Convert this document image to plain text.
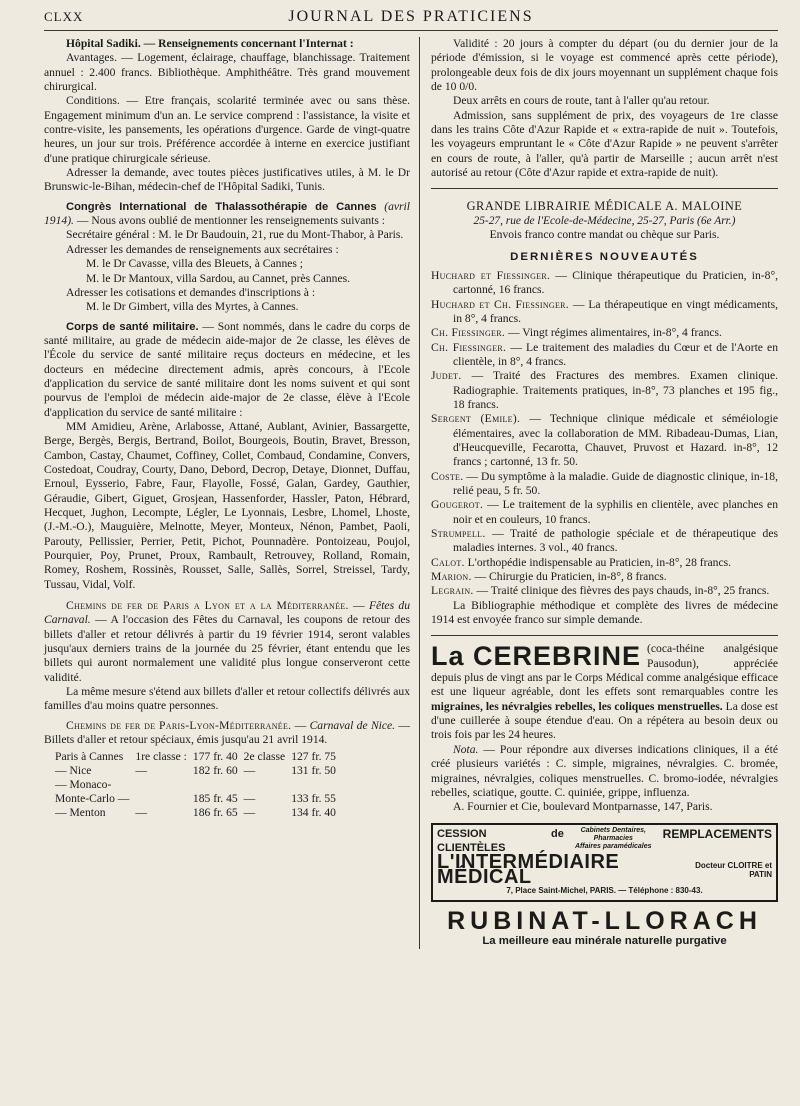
CLXX	JOURNAL DES PRATICIENS

Hôpital Sadiki. — Renseignements concernant l'Internat :

Avantages. — Logement, éclairage, chauffage, blanchissage. Traitement annuel : 2.400 francs. Bibliothèque. Amphithéâtre. Très grand mouvement chirurgical.

Conditions. — Etre français, scolarité terminée avec ou sans thèse. Engagement minimum d'un an. Le service comprend : l'assistance, la visite et contre-visite, les pansements, les opérations d'urgence. Garde de vingt-quatre heures, un jour sur trois. Préférence accordée à interne en exercice justifiant d'une pratique chirurgicale sérieuse.

Adresser la demande, avec toutes pièces justificatives utiles, à M. le Dr Brunswic-le-Bihan, médecin-chef de l'Hôpital Sadiki, Tunis.

Congrès International de Thalassothérapie de Cannes (avril 1914). — Nous avons oublié de mentionner les renseignements suivants :

Secrétaire général : M. le Dr Baudouin, 21, rue du Mont-Thabor, à Paris.

Adresser les demandes de renseignements aux secrétaires :

M. le Dr Cavasse, villa des Bleuets, à Cannes ;

M. le Dr Mantoux, villa Sardou, au Cannet, près Cannes.

Adresser les cotisations et demandes d'inscriptions à :

M. le Dr Gimbert, villa des Myrtes, à Cannes.

Corps de santé militaire. — Sont nommés, dans le cadre du corps de santé militaire, au grade de médecin aide-major de 2e classe, les élèves de l'École du service de santé militaire reçus docteurs en médecine, et les docteurs en médecine directement admis, après concours, à l'Ecole d'application du service de santé militaire dont les noms suivent et qui sont pourvus de l'emploi de médecin aide-major de 2e classe, élève à l'Ecole d'application du service de santé militaire :

MM Amidieu, Arène, Arlabosse, Attané, Aublant, Avinier, Bassargette, Berge, Bergès, Bergis, Bertrand, Boilot, Bourgeois, Boutin, Bravet, Bresson, Cambon, Castay, Chaumet, Coffiney, Collet, Combaud, Condamine, Convers, Costedoat, Coudray, Courty, Dano, Debord, Decrop, Detaye, Dionnet, Duffau, Ernoul, Eysserio, Fabre, Faur, Flayolle, Fossé, Galan, Gardey, Gauthier, Géraudie, Gibert, Giguet, Grosjean, Hassenforder, Hassler, Paton, Hébrard, Hecquet, Jughon, Lecompte, Légler, Le Lyonnais, Lesbre, Lhomel, Lhoste, (J.-M.-O.), Mauguière, Melnotte, Meyer, Monteux, Nénon, Pambet, Paoli, Parouty, Pellissier, Perrier, Petit, Pichot, Pounnadère. Pontoizeau, Poujol, Pourquier, Poy, Prunet, Proux, Rambault, Retrouvey, Rolland, Romain, Romey, Roshem, Rossinès, Rousset, Salle, Sallès, Sorrel, Streissel, Tardy, Tussau, Vidal, Volf.

Chemins de fer de Paris a Lyon et a la Méditerranée. — Fêtes du Carnaval. — A l'occasion des Fêtes du Carnaval, les coupons de retour des billets d'aller et retour délivrés à partir du 19 février 1914, seront valables jusqu'aux derniers trains de la journée du 25 février, étant entendu que les billets qui auront normalement une validité plus longue conserveront cette validité.

La même mesure s'étend aux billets d'aller et retour collectifs délivrés aux familles d'au moins quatre personnes.

Chemins de fer de Paris-Lyon-Méditerranée. — Carnaval de Nice. — Billets d'aller et retour spéciaux, émis jusqu'au 21 avril 1914.

Paris à Cannes	1re classe :	177 fr. 40	2e classe	127 fr. 75
— Nice	—	182 fr. 60	—	131 fr. 50
— Monaco-				
Monte-Carlo —		185 fr. 45	—	133 fr. 55
— Menton	—	186 fr. 65	—	134 fr. 40

Validité : 20 jours à compter du départ (ou du dernier jour de la période d'émission, si le voyage est commencé après cette période), prolongeable deux fois de dix jours moyennant un supplément chaque fois de 10 0/0.

Deux arrêts en cours de route, tant à l'aller qu'au retour.

Admission, sans supplément de prix, des voyageurs de 1re classe dans les trains Côte d'Azur Rapide et « extra-rapide de nuit ». Toutefois, les voyageurs empruntant le « Côte d'Azur Rapide » ne peuvent s'arrêter en cours de route, à l'aller, qu'à partir de Marseille ; aucun arrêt n'est autorisé au retour (Côte d'Azur rapide et extra-rapide de nuit).

GRANDE LIBRAIRIE MÉDICALE A. MALOINE

25-27, rue de l'Ecole-de-Médecine, 25-27, Paris (6e Arr.)

Envois franco contre mandat ou chèque sur Paris.

DERNIÈRES NOUVEAUTÉS

Huchard et Fiessinger. — Clinique thérapeutique du Praticien, in-8°, cartonné, 16 francs.

Huchard et Ch. Fiessinger. — La thérapeutique en vingt médicaments, in 8°, 4 francs.

Ch. Fiessinger. — Vingt régimes alimentaires, in-8°, 4 francs.

Ch. Fiessinger. — Le traitement des maladies du Cœur et de l'Aorte en clientèle, in 8°, 4 francs.

Judet. — Traité des Fractures des membres. Examen clinique. Radiographie. Traitements pratiques, in-8°, 73 planches et 195 fig., 18 francs.

Sergent (Emile). — Technique clinique médicale et séméiologie élémentaires, avec la collaboration de MM. Ribadeau-Dumas, Lian, d'Heucqueville, Fecarotta, Chauvet, Pruvost et Hazard. in-8°, 12 francs ; cartonné, 13 fr. 50.

Coste. — Du symptôme à la maladie. Guide de diagnostic clinique, in-18, relié peau, 5 fr. 50.

Gougerot. — Le traitement de la syphilis en clientèle, avec planches en noir et en couleurs, 10 francs.

Strumpell. — Traité de pathologie spéciale et de thérapeutique des maladies internes. 3 vol., 40 francs.

Calot. L'orthopédie indispensable au Praticien, in-8°, 28 francs.

Marion. — Chirurgie du Praticien, in-8°, 8 francs.

Legrain. — Traité clinique des fièvres des pays chauds, in-8°, 25 francs.

La Bibliographie méthodique et complète des livres de médecine 1914 est envoyée franco sur simple demande.

La CEREBRINE (coca-théine analgésique Pausodun), appréciée depuis plus de vingt ans par le Corps Médical comme analgésique efficace est une liqueur agréable, dont les effets sont remarquables contre les migraines, les névralgies rebelles, les coliques menstruelles. La dose est d'une cuillerée à soupe étendue d'eau. On a répétera au besoin deux ou trois fois par les 24 heures.

Nota. — Pour répondre aux diverses indications cliniques, il a été créé plusieurs variétés : C. simple, migraines, névralgies. C. bromée, migraines, névralgies, coliques menstruelles. C. bromo-iodée, névralgies rebelles, sciatique, goutte. C. quiniée, grippe, influenza.

A. Fournier et Cie, boulevard Montparnasse, 147, Paris.

CESSION de CLIENTÈLES
Cabinets Dentaires, Pharmacies
Affaires paramédicales
REMPLACEMENTS
L'INTERMÉDIAIRE MÉDICAL
Docteur CLOITRE et PATIN
7, Place Saint-Michel, PARIS. — Téléphone : 830-43.
RUBINAT-LLORACH
La meilleure eau minérale naturelle purgative
